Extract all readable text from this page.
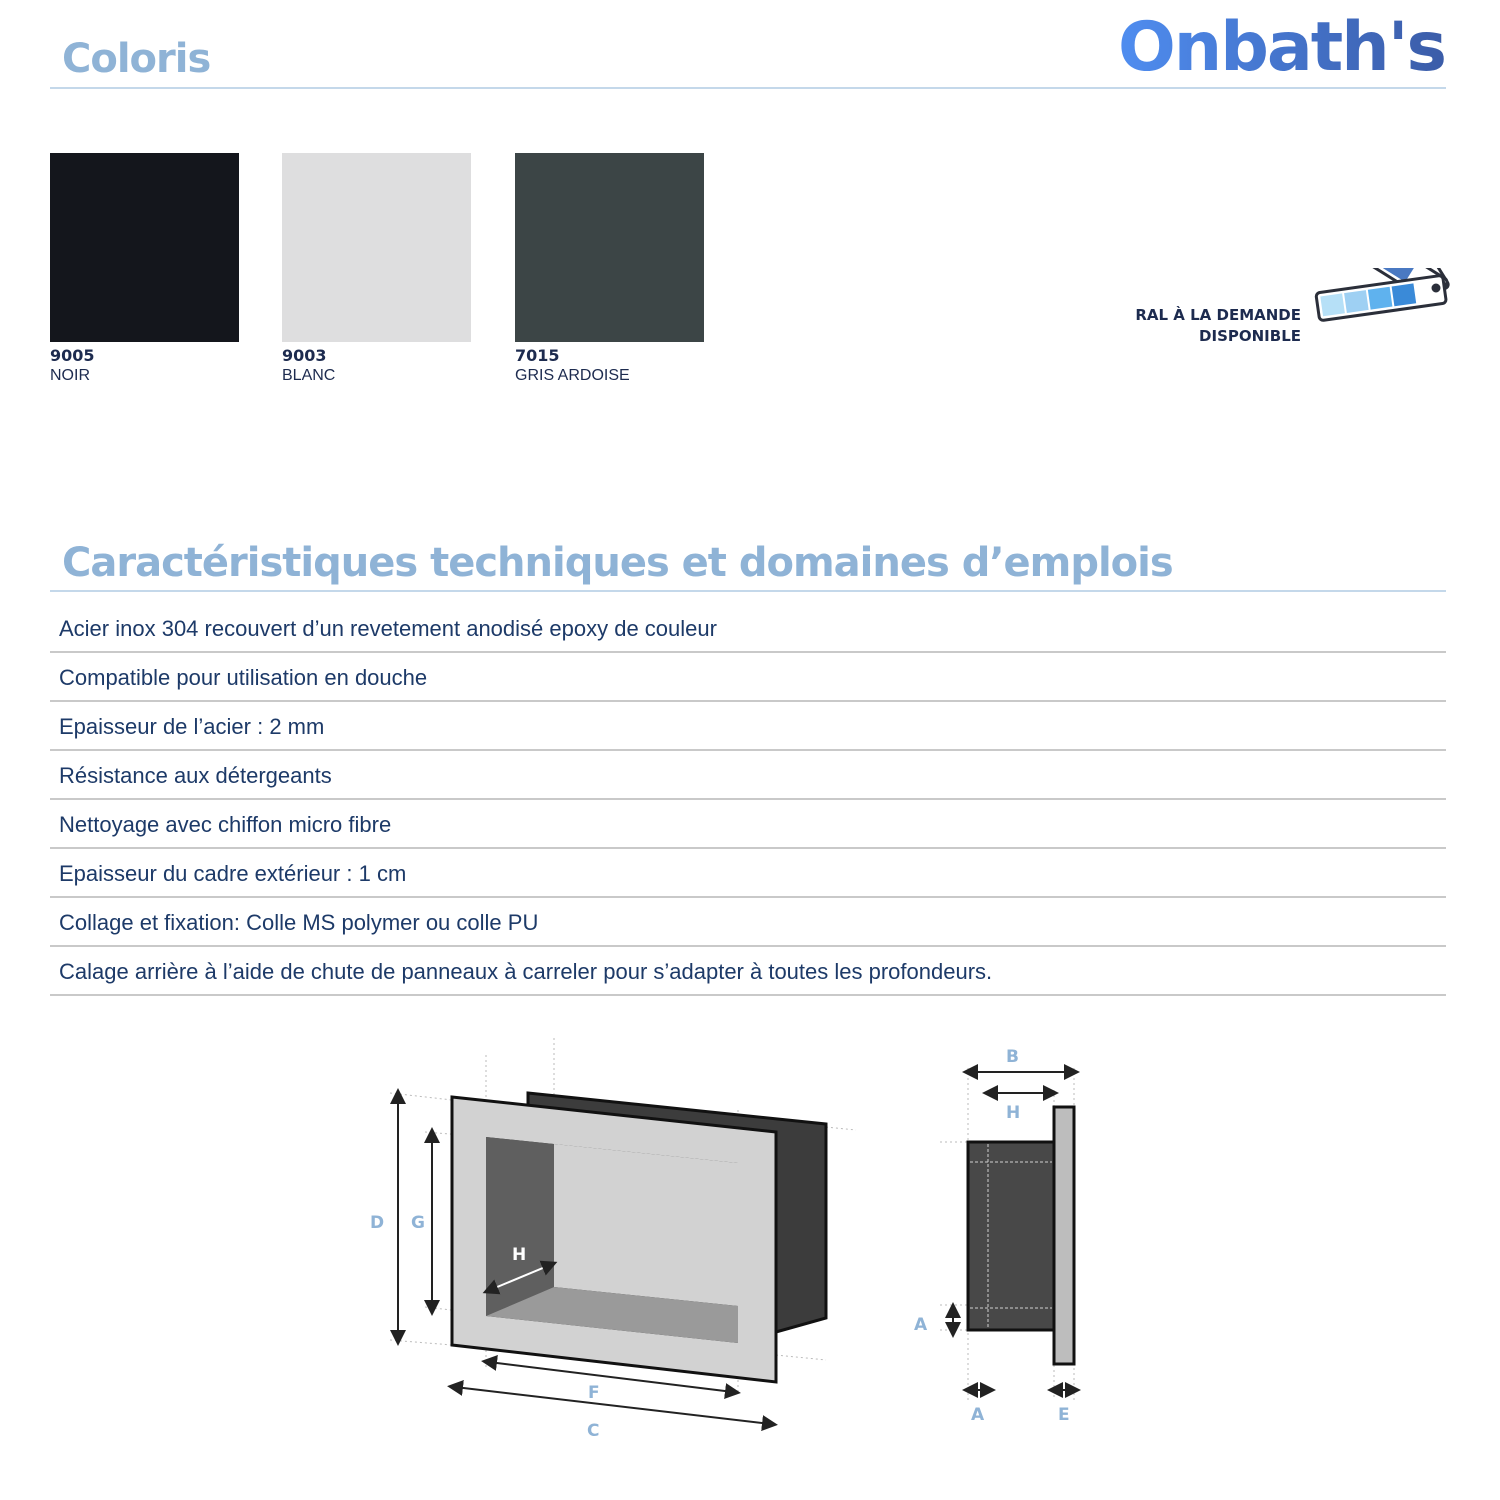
Coloris	Onbath's
9005
NOIR
9003
BLANC
7015
GRIS ARDOISE
RAL À LA DEMANDE
DISPONIBLE
Caractéristiques techniques et domaines d’emplois
Acier inox 304 recouvert d’un revetement anodisé epoxy de couleur
Compatible pour utilisation en douche
Epaisseur de l’acier : 2 mm
Résistance aux détergeants
Nettoyage avec chiffon micro fibre
Epaisseur du cadre extérieur : 1 cm
Collage et fixation: Colle MS polymer ou colle PU
Calage arrière à l’aide de chute de panneaux à carreler pour s’adapter à toutes les profondeurs.
D G
H
F
C
B
H
A
A	E
